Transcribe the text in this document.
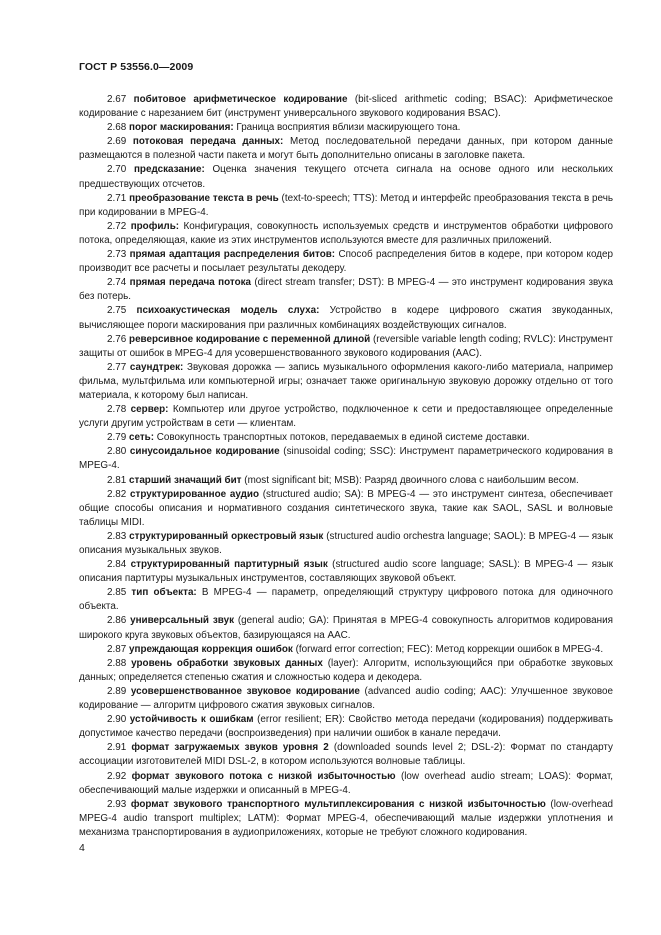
ГОСТ Р 53556.0—2009

2.67 побитовое арифметическое кодирование (bit-sliced arithmetic coding; BSAC): Арифметическое кодирование с нарезанием бит (инструмент универсального звукового кодирования BSAC).

2.68 порог маскирования: Граница восприятия вблизи маскирующего тона.

2.69 потоковая передача данных: Метод последовательной передачи данных, при котором данные размещаются в полезной части пакета и могут быть дополнительно описаны в заголовке пакета.

2.70 предсказание: Оценка значения текущего отсчета сигнала на основе одного или нескольких предшествующих отсчетов.

2.71 преобразование текста в речь (text-to-speech; TTS): Метод и интерфейс преобразования текста в речь при кодировании в MPEG-4.

2.72 профиль: Конфигурация, совокупность используемых средств и инструментов обработки цифрового потока, определяющая, какие из этих инструментов используются вместе для различных приложений.

2.73 прямая адаптация распределения битов: Способ распределения битов в кодере, при котором кодер производит все расчеты и посылает результаты декодеру.

2.74 прямая передача потока (direct stream transfer; DST): В MPEG-4 — это инструмент кодирования звука без потерь.

2.75 психоакустическая модель слуха: Устройство в кодере цифрового сжатия звукоданных, вычисляющее пороги маскирования при различных комбинациях воздействующих сигналов.

2.76 реверсивное кодирование с переменной длиной (reversible variable length coding; RVLC): Инструмент защиты от ошибок в MPEG-4 для усовершенствованного звукового кодирования (AAC).

2.77 саундтрек: Звуковая дорожка — запись музыкального оформления какого-либо материала, например фильма, мультфильма или компьютерной игры; означает также оригинальную звуковую дорожку отдельно от того материала, к которому был написан.

2.78 сервер: Компьютер или другое устройство, подключенное к сети и предоставляющее определенные услуги другим устройствам в сети — клиентам.

2.79 сеть: Совокупность транспортных потоков, передаваемых в единой системе доставки.

2.80 синусоидальное кодирование (sinusoidal coding; SSC): Инструмент параметрического кодирования в MPEG-4.

2.81 старший значащий бит (most significant bit; MSB): Разряд двоичного слова с наибольшим весом.

2.82 структурированное аудио (structured audio; SA): В MPEG-4 — это инструмент синтеза, обеспечивает общие способы описания и нормативного создания синтетического звука, такие как SAOL, SASL и волновые таблицы MIDI.

2.83 структурированный оркестровый язык (structured audio orchestra language; SAOL): В MPEG-4 — язык описания музыкальных звуков.

2.84 структурированный партитурный язык (structured audio score language; SASL): В MPEG-4 — язык описания партитуры музыкальных инструментов, составляющих звуковой объект.

2.85 тип объекта: В MPEG-4 — параметр, определяющий структуру цифрового потока для одиночного объекта.

2.86 универсальный звук (general audio; GA): Принятая в MPEG-4 совокупность алгоритмов кодирования широкого круга звуковых объектов, базирующаяся на AAC.

2.87 упреждающая коррекция ошибок (forward error correction; FEC): Метод коррекции ошибок в MPEG-4.

2.88 уровень обработки звуковых данных (layer): Алгоритм, использующийся при обработке звуковых данных; определяется степенью сжатия и сложностью кодера и декодера.

2.89 усовершенствованное звуковое кодирование (advanced audio coding; AAC): Улучшенное звуковое кодирование — алгоритм цифрового сжатия звуковых сигналов.

2.90 устойчивость к ошибкам (error resilient; ER): Свойство метода передачи (кодирования) поддерживать допустимое качество передачи (воспроизведения) при наличии ошибок в канале передачи.

2.91 формат загружаемых звуков уровня 2 (downloaded sounds level 2; DSL-2): Формат по стандарту ассоциации изготовителей MIDI DSL-2, в котором используются волновые таблицы.

2.92 формат звукового потока с низкой избыточностью (low overhead audio stream; LOAS): Формат, обеспечивающий малые издержки и описанный в MPEG-4.

2.93 формат звукового транспортного мультиплексирования с низкой избыточностью (low-overhead MPEG-4 audio transport multiplex; LATM): Формат MPEG-4, обеспечивающий малые издержки уплотнения и механизма транспортирования в аудиоприложениях, которые не требуют сложного кодирования.

4
